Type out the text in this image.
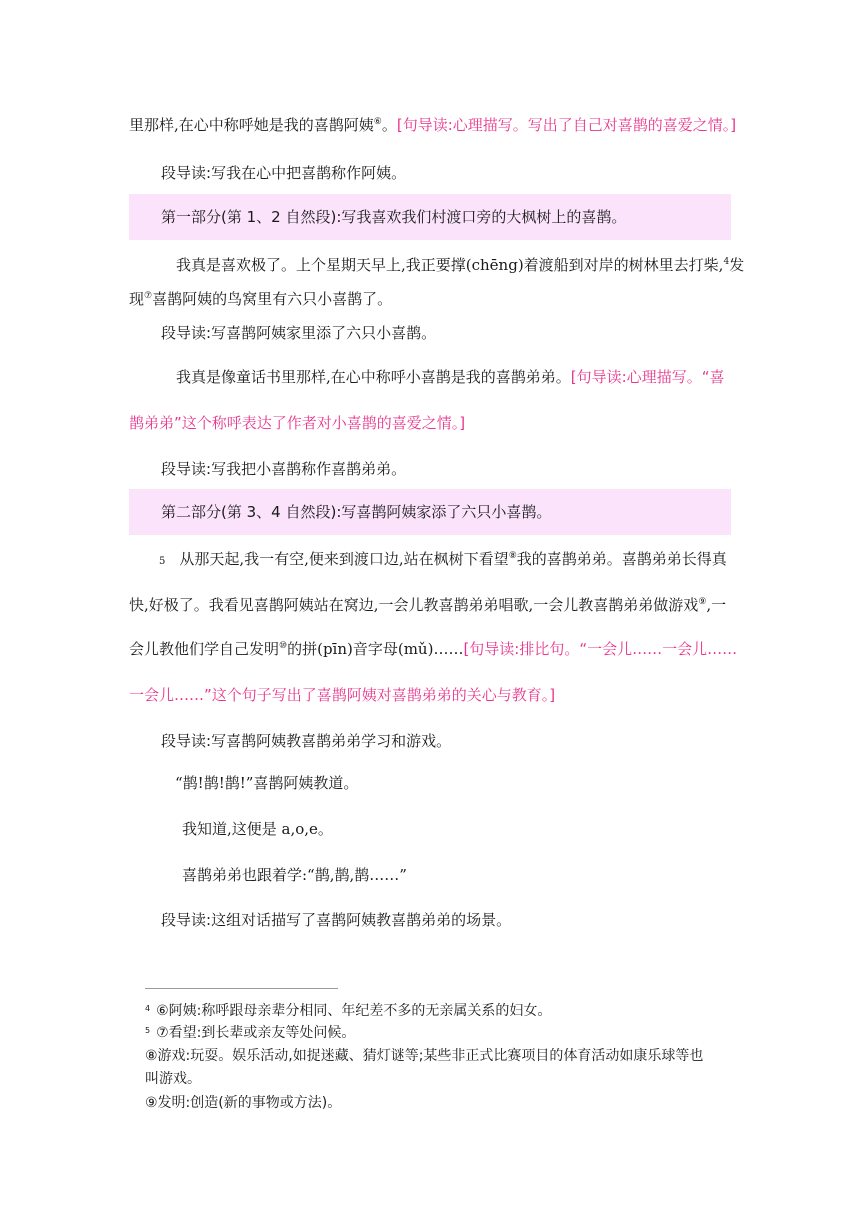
里那样,在心中称呼她是我的喜鹊阿姨⑥。[句导读:心理描写。写出了自己对喜鹊的喜爱之情。]
段导读:写我在心中把喜鹊称作阿姨。
第一部分(第 1、2 自然段):写我喜欢我们村渡口旁的大枫树上的喜鹊。
我真是喜欢极了。上个星期天早上,我正要撑(chēng)着渡船到对岸的树林里去打柴,$^4$发
现⑦喜鹊阿姨的鸟窝里有六只小喜鹊了。
段导读:写喜鹊阿姨家里添了六只小喜鹊。
我真是像童话书里那样,在心中称呼小喜鹊是我的喜鹊弟弟。[句导读:心理描写。“喜
鹊弟弟”这个称呼表达了作者对小喜鹊的喜爱之情。]
段导读:写我把小喜鹊称作喜鹊弟弟。
第二部分(第 3、4 自然段):写喜鹊阿姨家添了六只小喜鹊。
5 从那天起,我一有空,便来到渡口边,站在枫树下看望⑧我的喜鹊弟弟。喜鹊弟弟长得真
快,好极了。我看见喜鹊阿姨站在窝边,一会儿教喜鹊弟弟唱歌,一会儿教喜鹊弟弟做游戏⑨,一
会儿教他们学自己发明⑩的拼(pīn)音字母(mǔ)……[句导读:排比句。“一会儿……一会儿……
一会儿……”这个句子写出了喜鹊阿姨对喜鹊弟弟的关心与教育。]
段导读:写喜鹊阿姨教喜鹊弟弟学习和游戏。
“鹊!鹊!鹊!”喜鹊阿姨教道。
我知道,这便是 a,o,e。
喜鹊弟弟也跟着学:“鹊,鹊,鹊……”
段导读:这组对话描写了喜鹊阿姨教喜鹊弟弟的场景。
$^4$ ⑥阿姨:称呼跟母亲辈分相同、年纪差不多的无亲属关系的妇女。
$^5$ ⑦看望:到长辈或亲友等处问候。
⑧游戏:玩耍。娱乐活动,如捉迷藏、猜灯谜等;某些非正式比赛项目的体育活动如康乐球等也
叫游戏。
⑨发明:创造(新的事物或方法)。
